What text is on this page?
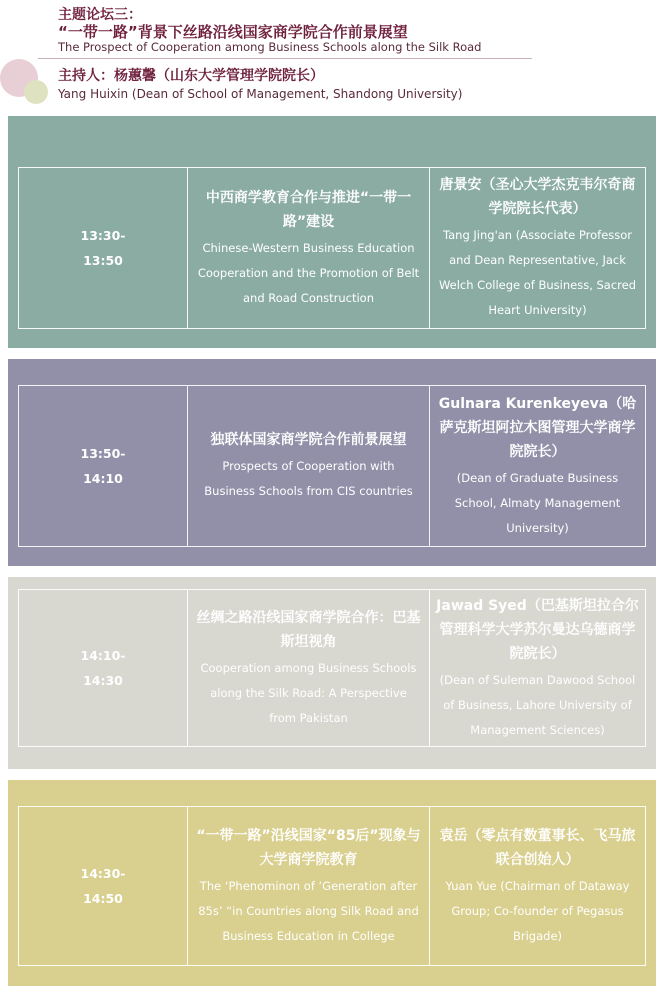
主题论坛三：
“一带一路”背景下丝路沿线国家商学院合作前景展望
The Prospect of Cooperation among Business Schools along the Silk Road
主持人：杨蕙馨（山东大学管理学院院长）
Yang Huixin (Dean of School of Management, Shandong University)
13:30-
13:50
中西商学教育合作与推进“一带一路”建设
Chinese-Western Business Education Cooperation and the Promotion of Belt and Road Construction
唐景安（圣心大学杰克韦尔奇商学院院长代表）
Tang Jing'an (Associate Professor and Dean Representative, Jack Welch College of Business, Sacred Heart University)
13:50-
14:10
独联体国家商学院合作前景展望
Prospects of Cooperation with Business Schools from CIS countries
Gulnara Kurenkeyeva（哈萨克斯坦阿拉木图管理大学商学院院长）
(Dean of Graduate Business School, Almaty Management University)
14:10-
14:30
丝绸之路沿线国家商学院合作：巴基斯坦视角
Cooperation among Business Schools along the Silk Road: A Perspective from Pakistan
Jawad Syed（巴基斯坦拉合尔管理科学大学苏尔曼达乌德商学院院长）
(Dean of Suleman Dawood School of Business, Lahore University of Management Sciences)
14:30-
14:50
“一带一路”沿线国家“85后”现象与大学商学院教育
The ‘Phenominon of ‘Generation after 85s’ “in Countries along Silk Road and Business Education in College
袁岳（零点有数董事长、飞马旅联合创始人）
Yuan Yue (Chairman of Dataway Group; Co-founder of Pegasus Brigade)
